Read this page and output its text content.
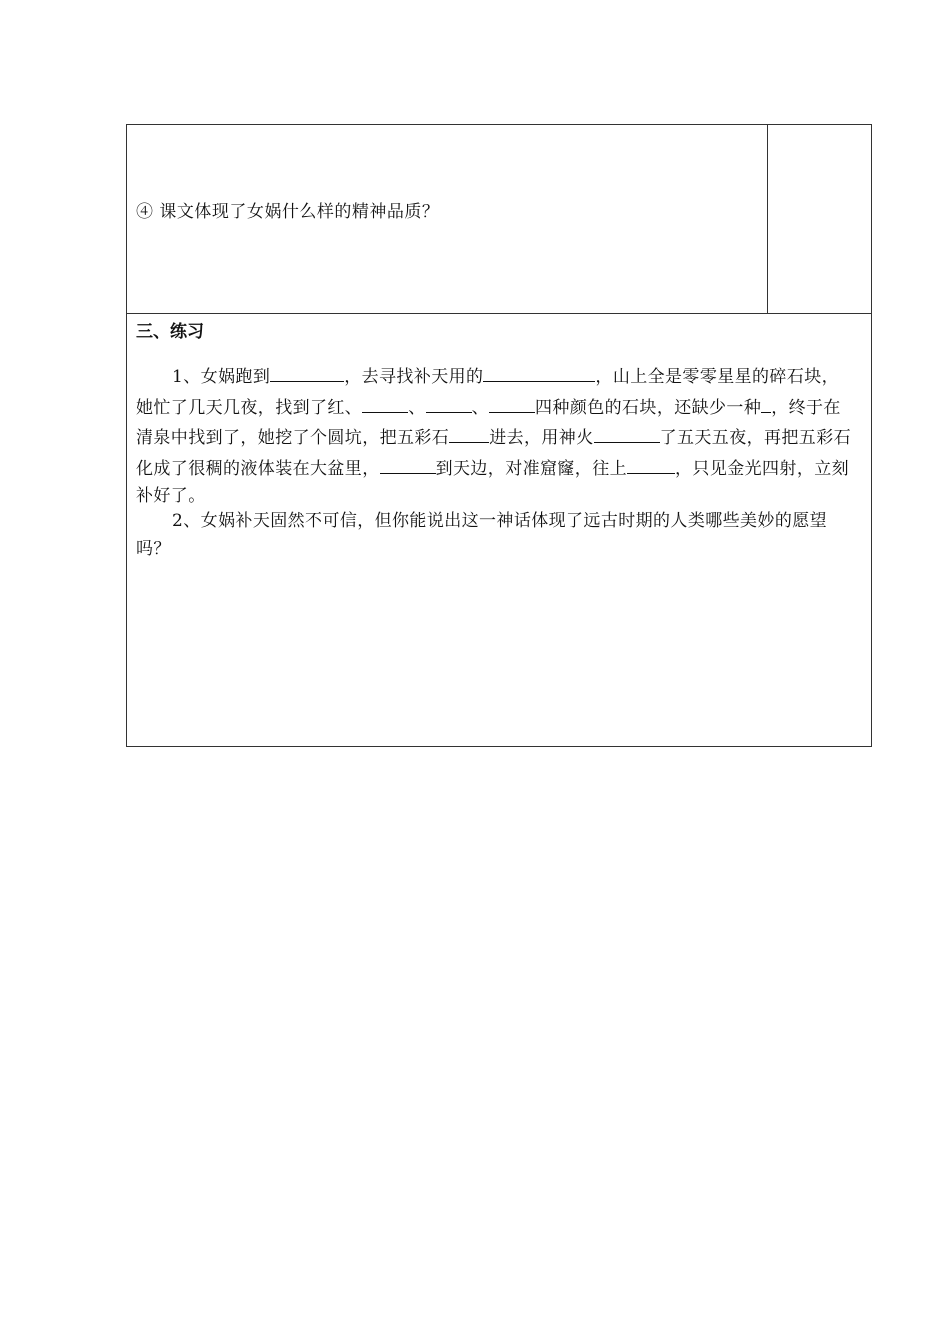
④ 课文体现了女娲什么样的精神品质？
三、练习
1、女娲跑到	，去寻找补天用的	，山上全是零零星星的碎石块，她忙了几天几夜，找到了红、	、	、	四种颜色的石块，还缺少一种 ，终于在清泉中找到了，她挖了个圆坑，把五彩石 进去，用神火	了五天五夜，再把五彩石化成了很稠的液体装在大盆里，	到天边，对准窟窿，往上	，只见金光四射，立刻补好了。
2、女娲补天固然不可信，但你能说出这一神话体现了远古时期的人类哪些美妙的愿望吗？
